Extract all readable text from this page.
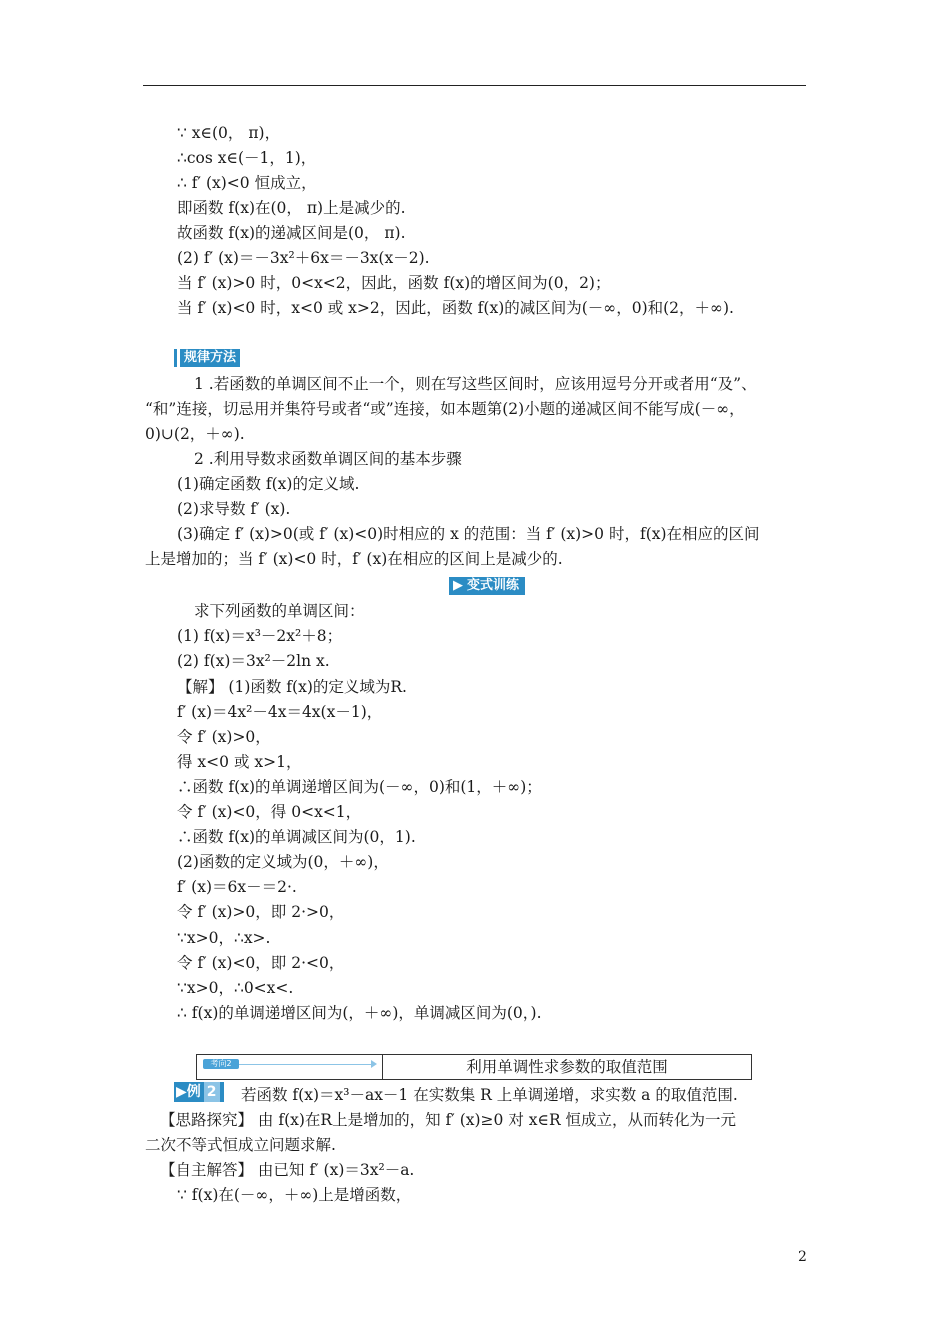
∵ x∈(0， π)，
∴cos x∈(－1，1)，
∴ f′ (x)<0 恒成立，
即函数 f(x)在(0， π)上是减少的.
故函数 f(x)的递减区间是(0， π).
(2) f′ (x)＝－3x²＋6x＝－3x(x－2).
当 f′ (x)>0 时，0<x<2，因此，函数 f(x)的增区间为(0，2)；
当 f′ (x)<0 时，x<0 或 x>2，因此，函数 f(x)的减区间为(－∞，0)和(2，＋∞).
规律方法
1 .若函数的单调区间不止一个，则在写这些区间时，应该用逗号分开或者用“及”、
“和”连接，切忌用并集符号或者“或”连接，如本题第(2)小题的递减区间不能写成(－∞，
0)∪(2，＋∞).
2 .利用导数求函数单调区间的基本步骤
(1)确定函数 f(x)的定义域.
(2)求导数 f′ (x).
(3)确定 f′ (x)>0(或 f′ (x)<0)时相应的 x 的范围：当 f′ (x)>0 时，f(x)在相应的区间
上是增加的；当 f′ (x)<0 时，f′ (x)在相应的区间上是减少的.
▶ 变式训练
求下列函数的单调区间：
(1) f(x)＝x³－2x²＋8；
(2) f(x)＝3x²－2ln x.
【解】 (1)函数 f(x)的定义域为R.
f′ (x)＝4x²－4x＝4x(x－1)，
令 f′ (x)>0，
得 x<0 或 x>1，
∴函数 f(x)的单调递增区间为(－∞，0)和(1，＋∞)；
令 f′ (x)<0，得 0<x<1，
∴函数 f(x)的单调减区间为(0，1).
(2)函数的定义域为(0，＋∞)，
f′ (x)＝6x－＝2·.
令 f′ (x)>0，即 2·>0，
∵x>0，∴x>.
令 f′ (x)<0，即 2·<0，
∵x>0，∴0<x<.
∴ f(x)的单调递增区间为(，＋∞)，单调减区间为(0，).
考向2	利用单调性求参数的取值范围
▶例 2	若函数 f(x)＝x³－ax－1 在实数集 R 上单调递增，求实数 a 的取值范围.
【思路探究】 由 f(x)在R上是增加的，知 f′ (x)≥0 对 x∈R 恒成立，从而转化为一元
二次不等式恒成立问题求解.
【自主解答】 由已知 f′ (x)＝3x²－a.
∵ f(x)在(－∞，＋∞)上是增函数，
2
